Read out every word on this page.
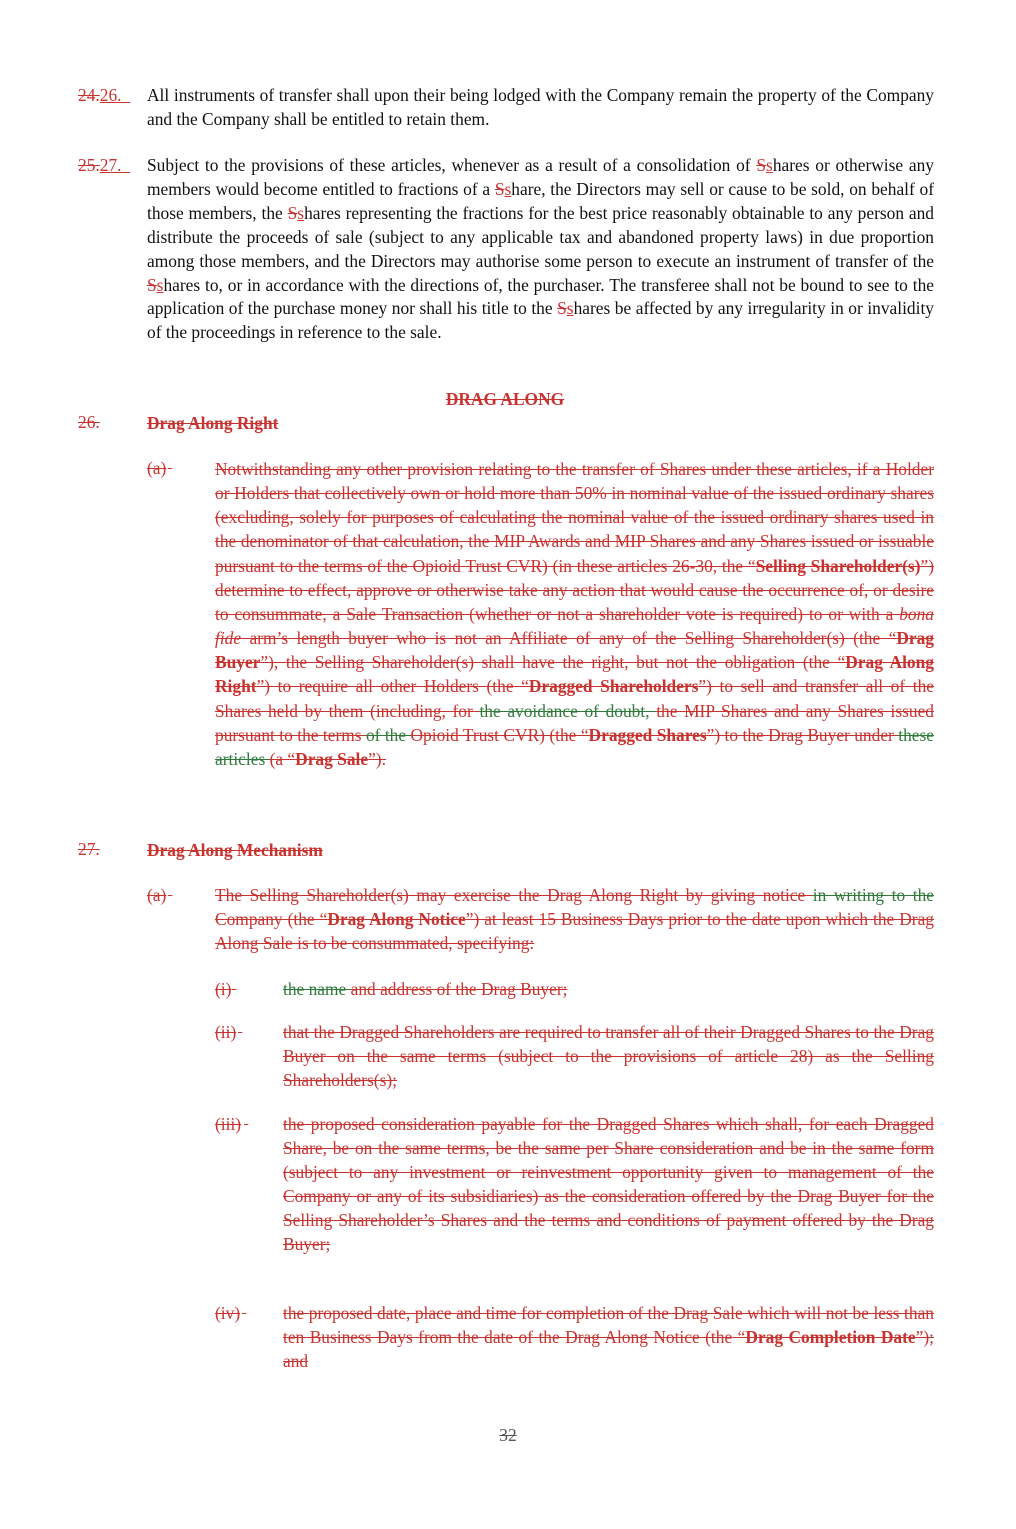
24.26.	All instruments of transfer shall upon their being lodged with the Company remain the property of the Company and the Company shall be entitled to retain them.
25.27.	Subject to the provisions of these articles, whenever as a result of a consolidation of Sshares or otherwise any members would become entitled to fractions of a Sshare, the Directors may sell or cause to be sold, on behalf of those members, the Sshares representing the fractions for the best price reasonably obtainable to any person and distribute the proceeds of sale (subject to any applicable tax and abandoned property laws) in due proportion among those members, and the Directors may authorise some person to execute an instrument of transfer of the Sshares to, or in accordance with the directions of, the purchaser. The transferee shall not be bound to see to the application of the purchase money nor shall his title to the Sshares be affected by any irregularity in or invalidity of the proceedings in reference to the sale.
DRAG ALONG
26.
	Drag Along Right
(a)
	Notwithstanding any other provision relating to the transfer of Shares under these articles, if a Holder or Holders that collectively own or hold more than 50% in nominal value of the issued ordinary shares (excluding, solely for purposes of calculating the nominal value of the issued ordinary shares used in the denominator of that calculation, the MIP Awards and MIP Shares and any Shares issued or issuable pursuant to the terms of the Opioid Trust CVR) (in these articles 26-30, the “Selling Shareholder(s)”) determine to effect, approve or otherwise take any action that would cause the occurrence of, or desire to consummate, a Sale Transaction (whether or not a shareholder vote is required) to or with a bona fide arm’s length buyer who is not an Affiliate of any of the Selling Shareholder(s) (the “Drag Buyer”), the Selling Shareholder(s) shall have the right, but not the obligation (the “Drag Along Right”) to require all other Holders (the “Dragged Shareholders”) to sell and transfer all of the Shares held by them (including, for the avoidance of doubt, the MIP Shares and any Shares issued pursuant to the terms of the Opioid Trust CVR) (the “Dragged Shares”) to the Drag Buyer under these articles (a “Drag Sale”).
27.
	Drag Along Mechanism
(a)
	The Selling Shareholder(s) may exercise the Drag Along Right by giving notice in writing to the Company (the “Drag Along Notice”) at least 15 Business Days prior to the date upon which the Drag Along Sale is to be consummated, specifying:
(i)
	the name and address of the Drag Buyer;
(ii)
	that the Dragged Shareholders are required to transfer all of their Dragged Shares to the Drag Buyer on the same terms (subject to the provisions of article 28) as the Selling Shareholders(s);
(iii)
the proposed consideration payable for the Dragged Shares which shall, for each Dragged Share, be on the same terms, be the same per Share consideration and be in the same form (subject to any investment or reinvestment opportunity given to management of the Company or any of its subsidiaries) as the consideration offered by the Drag Buyer for the Selling Shareholder’s Shares and the terms and conditions of payment offered by the Drag Buyer;
(iv)
the proposed date, place and time for completion of the Drag Sale which will not be less than ten Business Days from the date of the Drag Along Notice (the “Drag Completion Date”); and
32
